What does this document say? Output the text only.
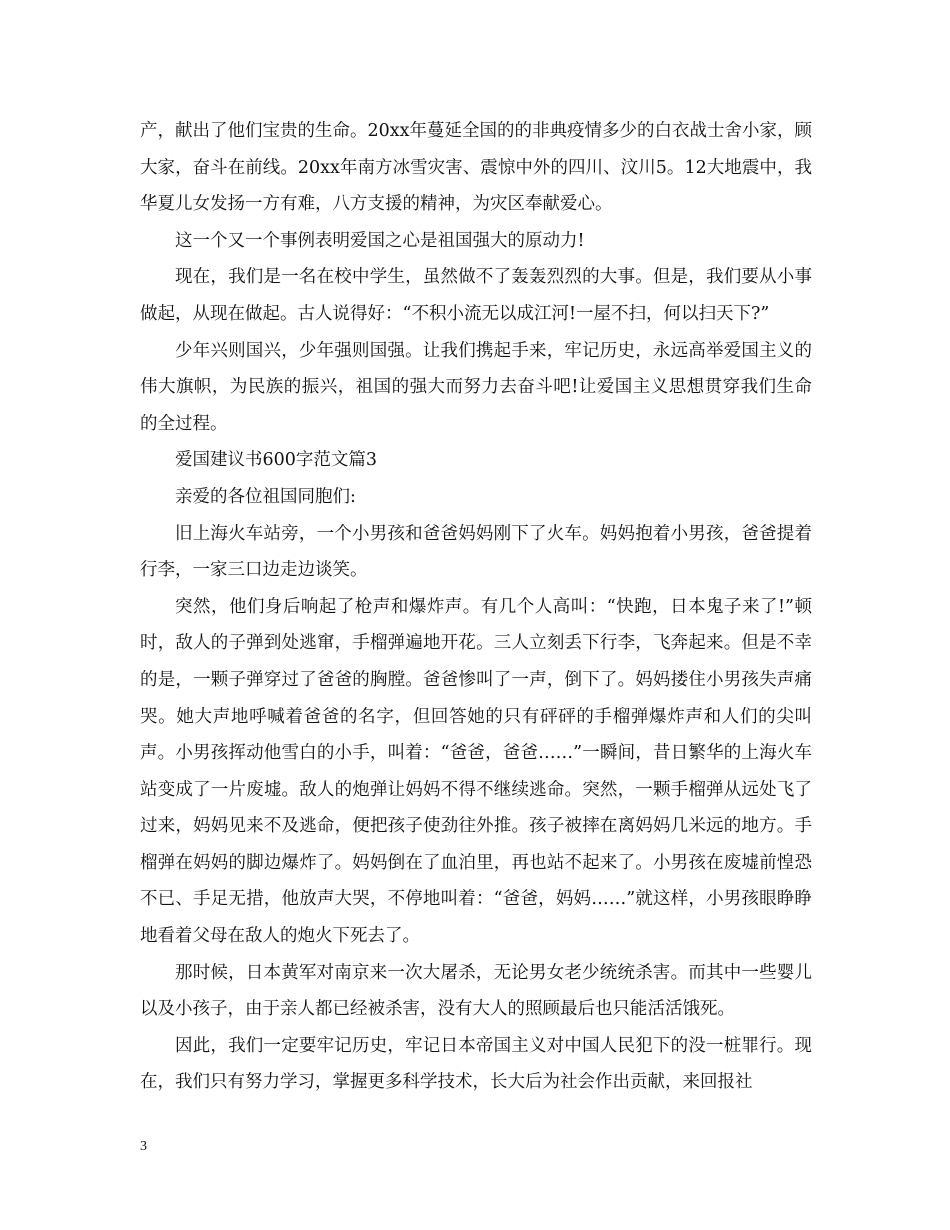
产，献出了他们宝贵的生命。20xx年蔓延全国的的非典疫情多少的白衣战士舍小家，顾大家，奋斗在前线。20xx年南方冰雪灾害、震惊中外的四川、汶川5。12大地震中，我华夏儿女发扬一方有难，八方支援的精神，为灾区奉献爱心。

这一个又一个事例表明爱国之心是祖国强大的原动力!

现在，我们是一名在校中学生，虽然做不了轰轰烈烈的大事。但是，我们要从小事做起，从现在做起。古人说得好：“不积小流无以成江河!一屋不扫，何以扫天下?”

少年兴则国兴，少年强则国强。让我们携起手来，牢记历史，永远高举爱国主义的伟大旗帜，为民族的振兴，祖国的强大而努力去奋斗吧!让爱国主义思想贯穿我们生命的全过程。

爱国建议书600字范文篇3

亲爱的各位祖国同胞们:

旧上海火车站旁，一个小男孩和爸爸妈妈刚下了火车。妈妈抱着小男孩，爸爸提着行李，一家三口边走边谈笑。

突然，他们身后响起了枪声和爆炸声。有几个人高叫：“快跑，日本鬼子来了!”顿时，敌人的子弹到处逃窜，手榴弹遍地开花。三人立刻丢下行李，飞奔起来。但是不幸的是，一颗子弹穿过了爸爸的胸膛。爸爸惨叫了一声，倒下了。妈妈搂住小男孩失声痛哭。她大声地呼喊着爸爸的名字，但回答她的只有砰砰的手榴弹爆炸声和人们的尖叫声。小男孩挥动他雪白的小手，叫着：“爸爸，爸爸……”一瞬间，昔日繁华的上海火车站变成了一片废墟。敌人的炮弹让妈妈不得不继续逃命。突然，一颗手榴弹从远处飞了过来，妈妈见来不及逃命，便把孩子使劲往外推。孩子被摔在离妈妈几米远的地方。手榴弹在妈妈的脚边爆炸了。妈妈倒在了血泊里，再也站不起来了。小男孩在废墟前惶恐不已、手足无措，他放声大哭，不停地叫着：“爸爸，妈妈……”就这样，小男孩眼睁睁地看着父母在敌人的炮火下死去了。

那时候，日本黄军对南京来一次大屠杀，无论男女老少统统杀害。而其中一些婴儿以及小孩子，由于亲人都已经被杀害，没有大人的照顾最后也只能活活饿死。

因此，我们一定要牢记历史，牢记日本帝国主义对中国人民犯下的没一桩罪行。现在，我们只有努力学习，掌握更多科学技术，长大后为社会作出贡献，来回报社

3
